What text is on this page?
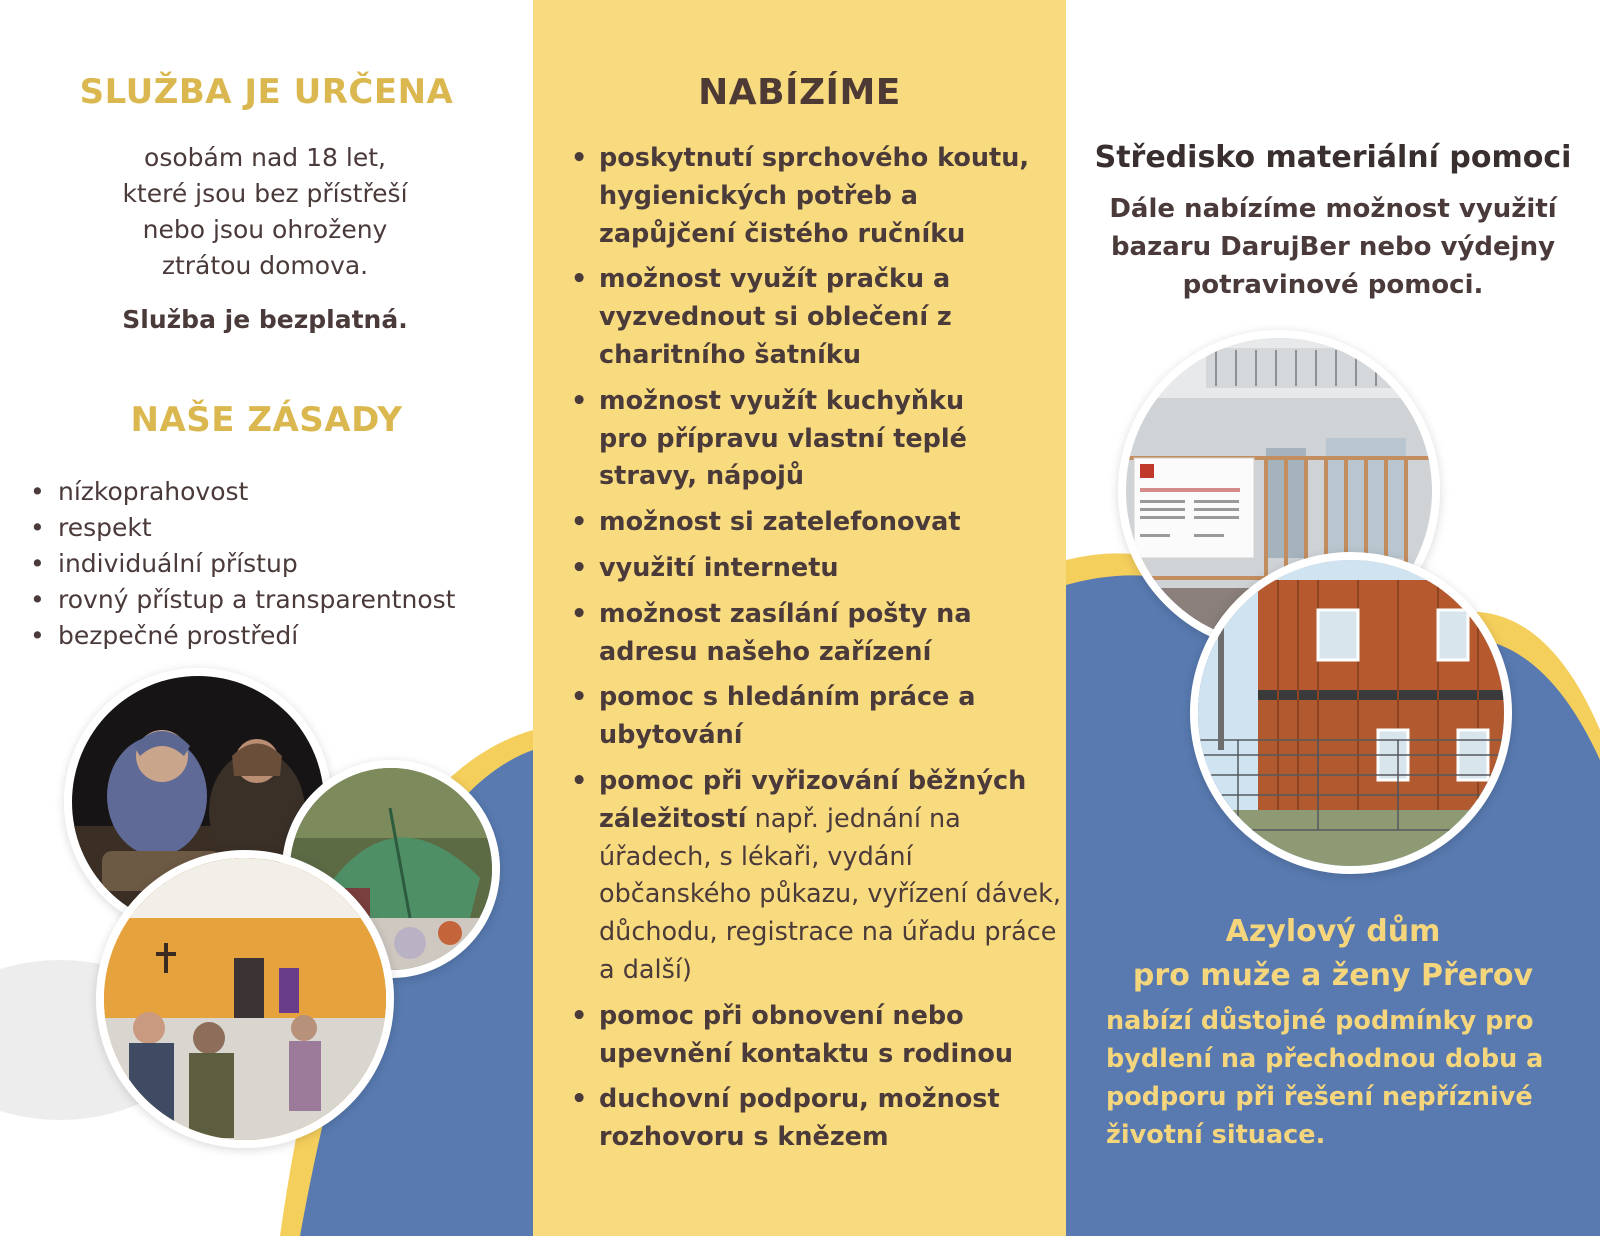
SLUŽBA JE URČENA
osobám nad 18 let,
které jsou bez přístřeší
nebo jsou ohroženy
ztrátou domova.
Služba je bezplatná.
NAŠE ZÁSADY
• nízkoprahovost
• respekt
• individuální přístup
• rovný přístup a transparentnost
• bezpečné prostředí
NABÍZÍME
• poskytnutí sprchového koutu, hygienických potřeb a zapůjčení čistého ručníku
• možnost využít pračku a vyzvednout si oblečení z charitního šatníku
• možnost využít kuchyňku pro přípravu vlastní teplé stravy, nápojů
• možnost si zatelefonovat
• využití internetu
• možnost zasílání pošty na adresu našeho zařízení
• pomoc s hledáním práce a ubytování
• pomoc při vyřizování běžných záležitostí např. jednání na úřadech, s lékaři, vydání občanského půkazu, vyřízení dávek, důchodu, registrace na úřadu práce a další)
• pomoc při obnovení nebo upevnění kontaktu s rodinou
• duchovní podporu, možnost rozhovoru s knězem
Středisko materiální pomoci

Dále nabízíme možnost využití bazaru DarujBer nebo výdejny potravinové pomoci.

Azylový dům
pro muže a ženy Přerov

nabízí důstojné podmínky pro bydlení na přechodnou dobu a podporu při řešení nepříznivé životní situace.
